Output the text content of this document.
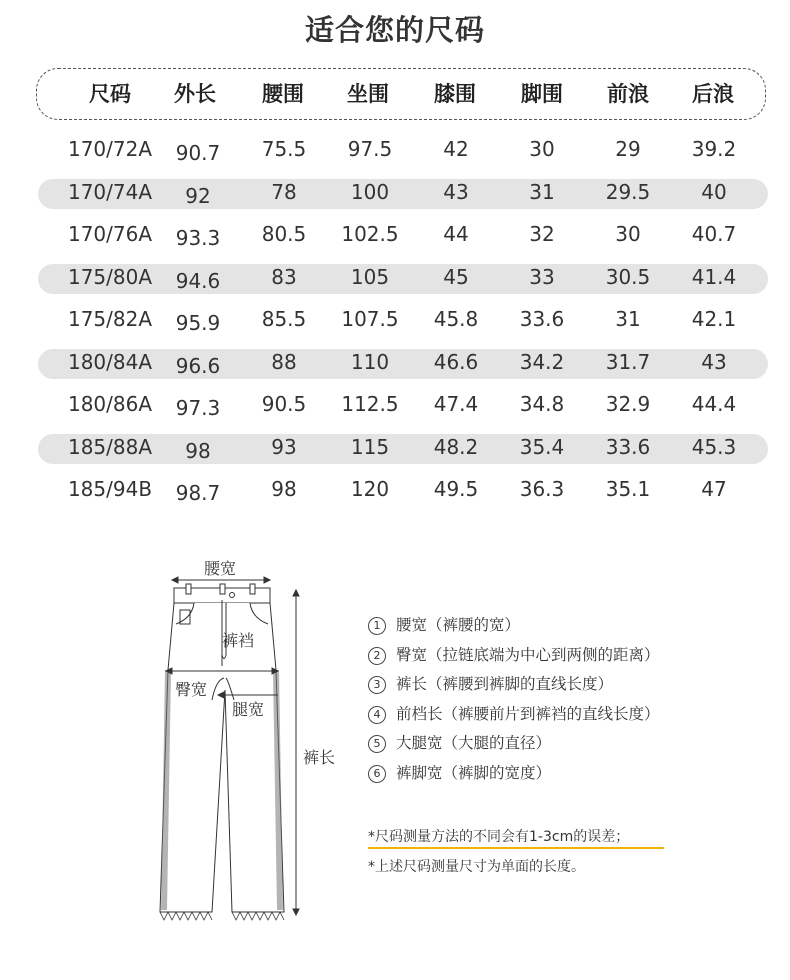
适合您的尺码
尺码	外长	腰围	坐围	膝围	脚围	前浪	后浪
170/72A	90.7	75.5	97.5	42	30	29	39.2
170/74A	92	78	100	43	31	29.5	40
170/76A	93.3	80.5	102.5	44	32	30	40.7
175/80A	94.6	83	105	45	33	30.5	41.4
175/82A	95.9	85.5	107.5	45.8	33.6	31	42.1
180/84A	96.6	88	110	46.6	34.2	31.7	43
180/86A	97.3	90.5	112.5	47.4	34.8	32.9	44.4
185/88A	98	93	115	48.2	35.4	33.6	45.3
185/94B	98.7	98	120	49.5	36.3	35.1	47
腰宽
裤裆
臀宽
腿宽
裤长
1 腰宽（裤腰的宽）
2 臀宽（拉链底端为中心到两侧的距离）
3 裤长（裤腰到裤脚的直线长度）
4 前档长（裤腰前片到裤裆的直线长度）
5 大腿宽（大腿的直径）
6 裤脚宽（裤脚的宽度）
*尺码测量方法的不同会有1-3cm的误差；
*上述尺码测量尺寸为单面的长度。
